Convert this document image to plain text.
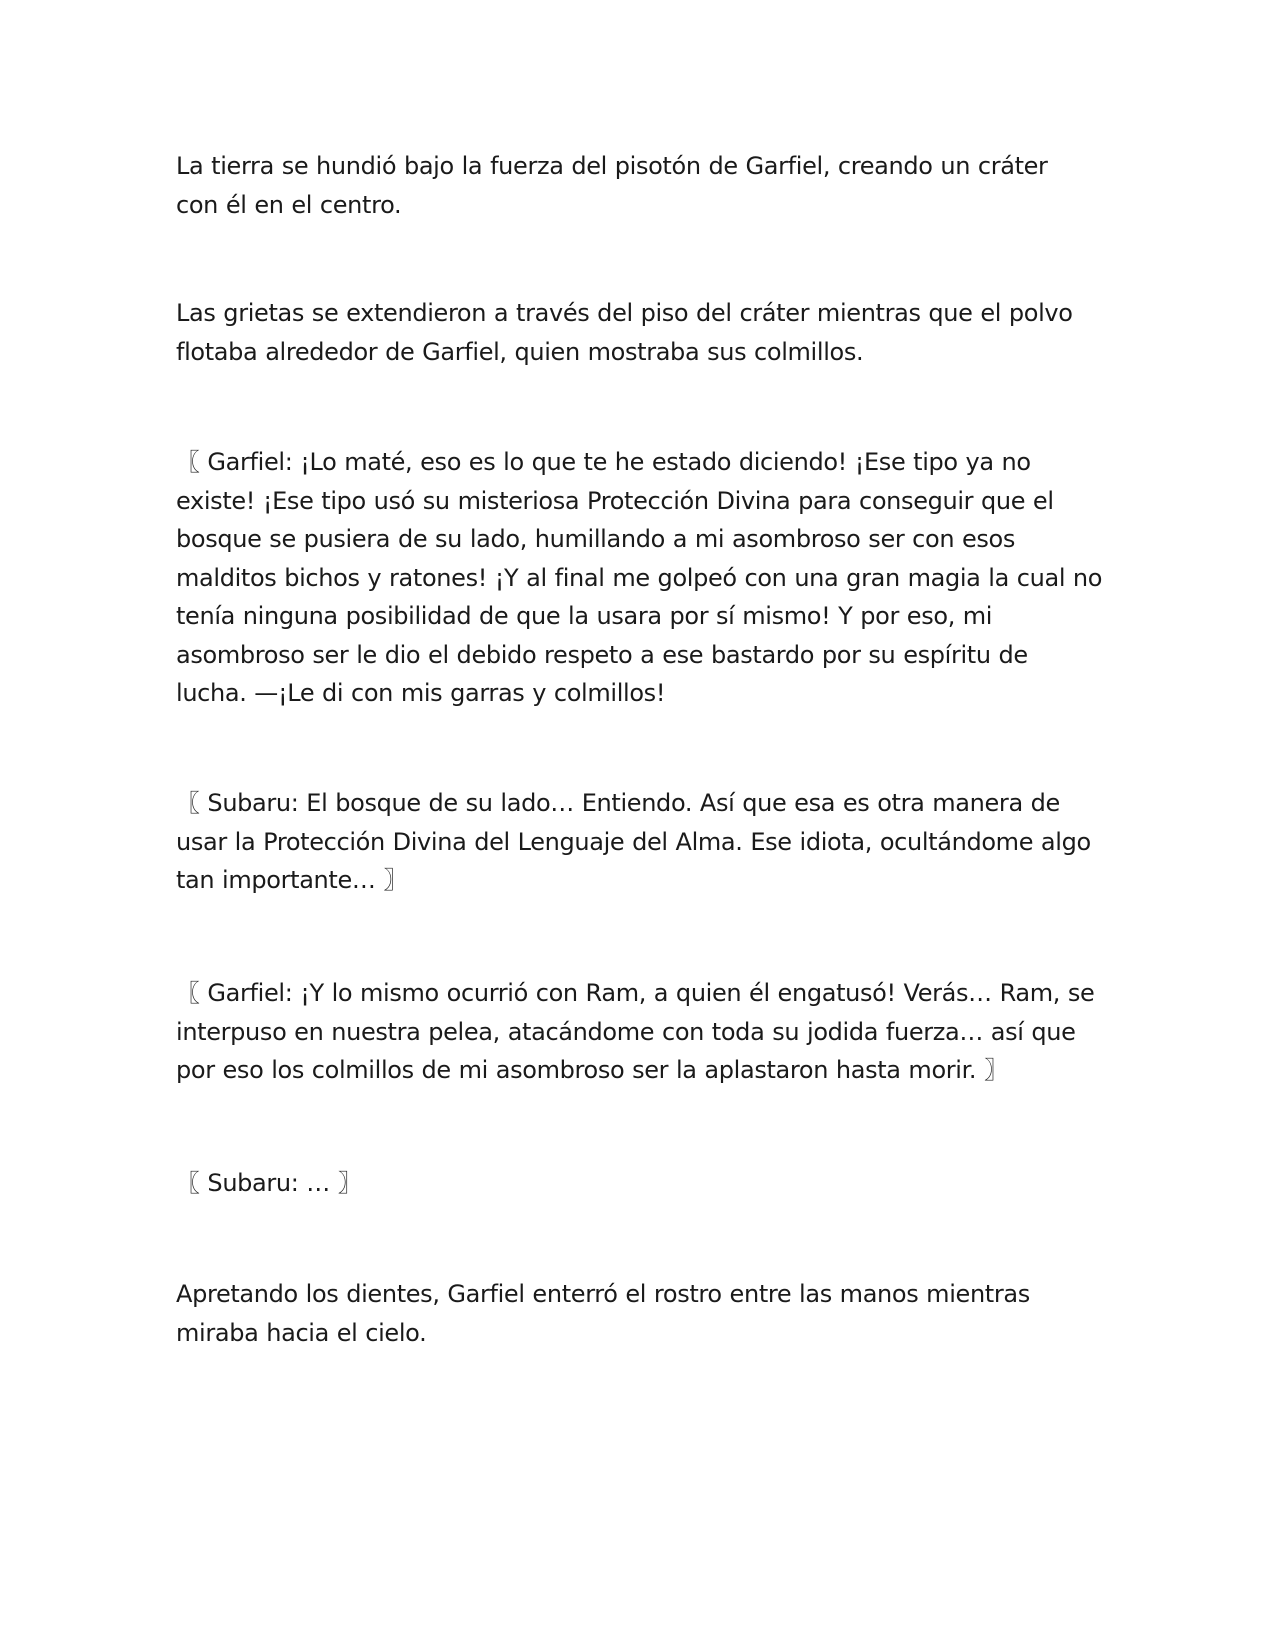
La tierra se hundió bajo la fuerza del pisotón de Garfiel, creando un cráter
con él en el centro.

Las grietas se extendieron a través del piso del cráter mientras que el polvo
flotaba alrededor de Garfiel, quien mostraba sus colmillos.

〖 Garfiel: ¡Lo maté, eso es lo que te he estado diciendo! ¡Ese tipo ya no
existe! ¡Ese tipo usó su misteriosa Protección Divina para conseguir que el
bosque se pusiera de su lado, humillando a mi asombroso ser con esos
malditos bichos y ratones! ¡Y al final me golpeó con una gran magia la cual no
tenía ninguna posibilidad de que la usara por sí mismo! Y por eso, mi
asombroso ser le dio el debido respeto a ese bastardo por su espíritu de
lucha. —¡Le di con mis garras y colmillos!

〖 Subaru: El bosque de su lado… Entiendo. Así que esa es otra manera de
usar la Protección Divina del Lenguaje del Alma. Ese idiota, ocultándome algo
tan importante… 〗

〖 Garfiel: ¡Y lo mismo ocurrió con Ram, a quien él engatusó! Verás… Ram, se
interpuso en nuestra pelea, atacándome con toda su jodida fuerza… así que
por eso los colmillos de mi asombroso ser la aplastaron hasta morir. 〗

〖 Subaru: … 〗

Apretando los dientes, Garfiel enterró el rostro entre las manos mientras
miraba hacia el cielo.
